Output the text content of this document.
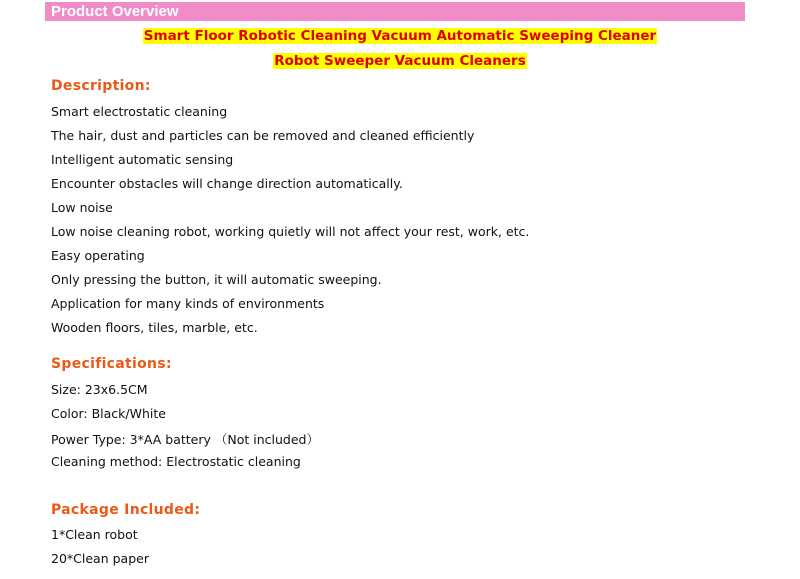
Product Overview
Smart Floor Robotic Cleaning Vacuum Automatic Sweeping Cleaner
Robot Sweeper Vacuum Cleaners
Description:
Smart electrostatic cleaning
The hair, dust and particles can be removed and cleaned efficiently
Intelligent automatic sensing
Encounter obstacles will change direction automatically.
Low noise
Low noise cleaning robot, working quietly will not affect your rest, work, etc.
Easy operating
Only pressing the button, it will automatic sweeping.
Application for many kinds of environments
Wooden floors, tiles, marble, etc.
Specifications:
Size: 23x6.5CM
Color: Black/White
Power Type: 3*AA battery （Not included）
Cleaning method: Electrostatic cleaning
Package Included:
1*Clean robot
20*Clean paper
